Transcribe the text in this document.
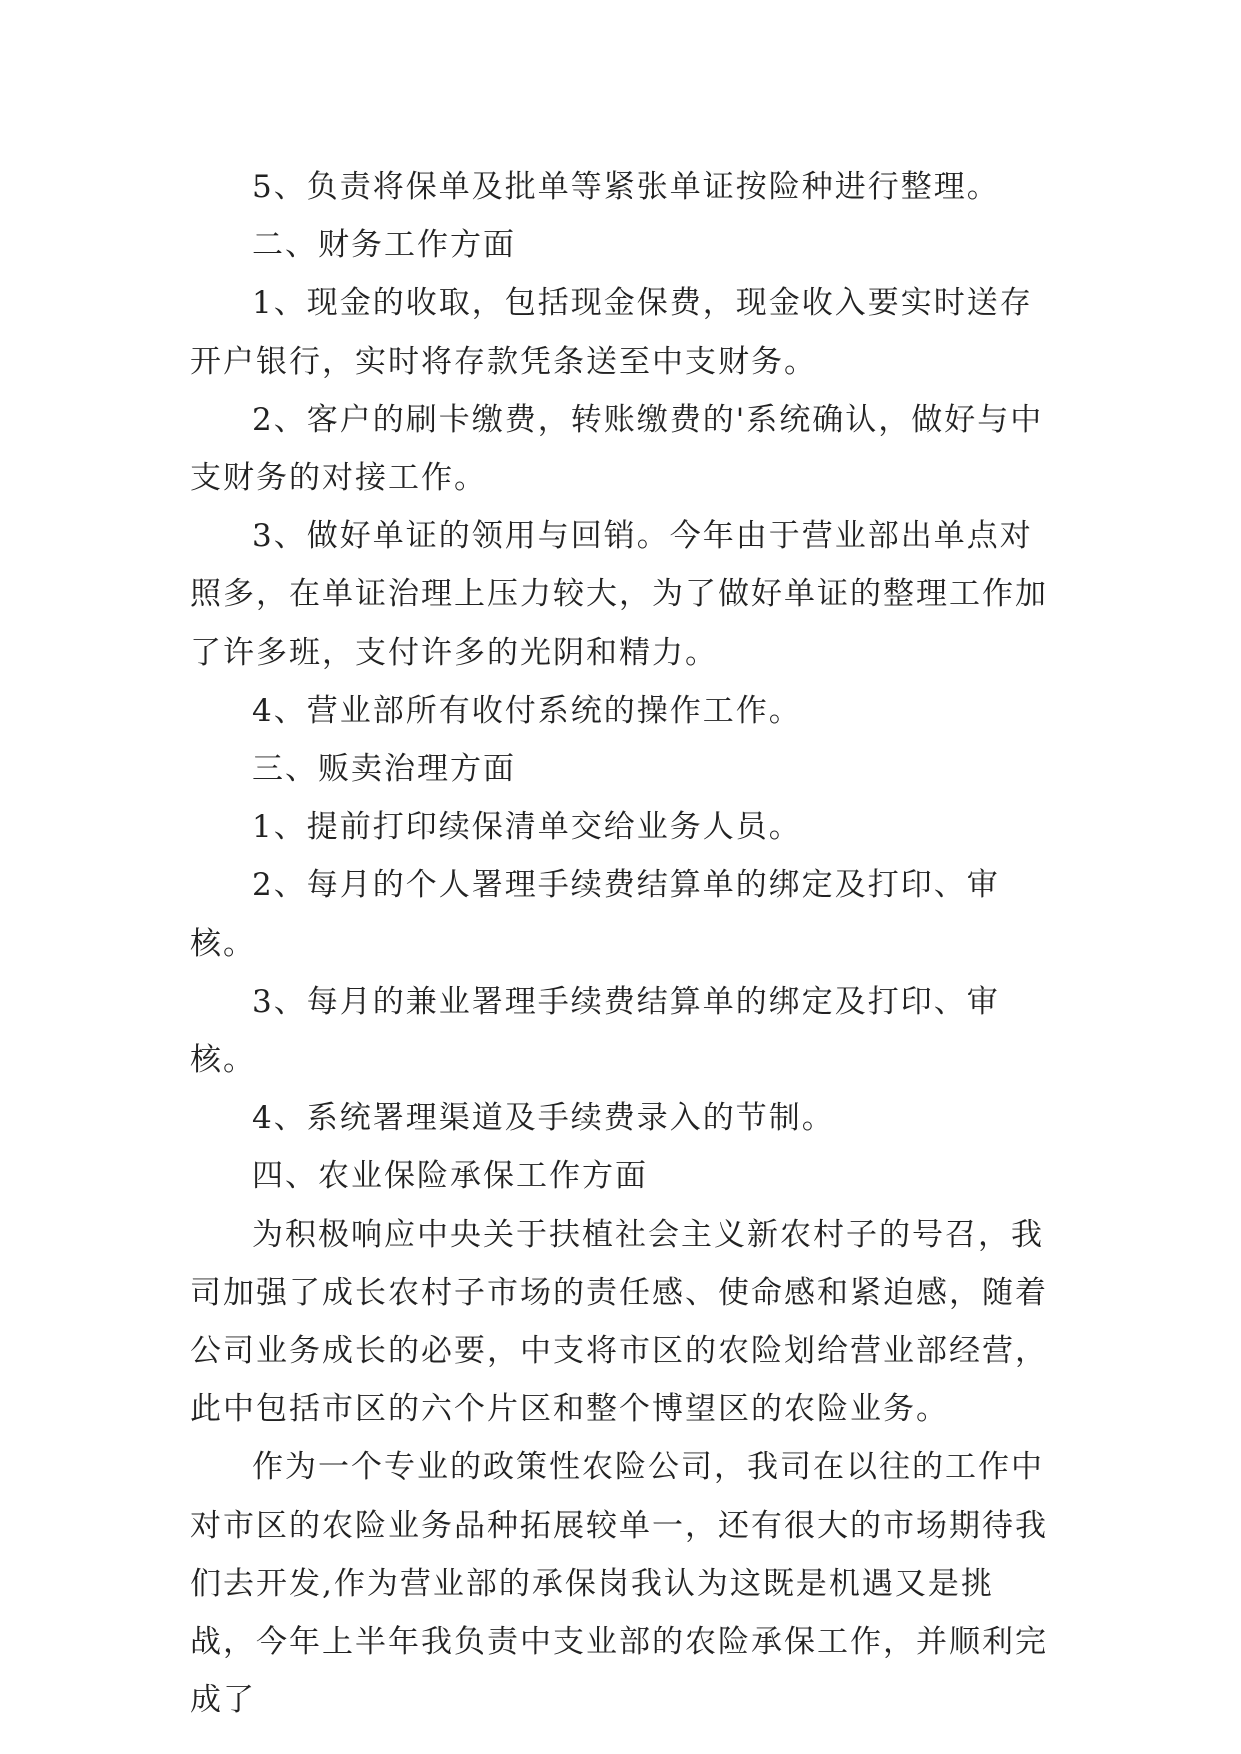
5、负责将保单及批单等紧张单证按险种进行整理。

二、财务工作方面

1、现金的收取，包括现金保费，现金收入要实时送存开户银行，实时将存款凭条送至中支财务。

2、客户的刷卡缴费，转账缴费的'系统确认，做好与中支财务的对接工作。

3、做好单证的领用与回销。今年由于营业部出单点对照多，在单证治理上压力较大，为了做好单证的整理工作加了许多班，支付许多的光阴和精力。

4、营业部所有收付系统的操作工作。

三、贩卖治理方面

1、提前打印续保清单交给业务人员。

2、每月的个人署理手续费结算单的绑定及打印、审核。

3、每月的兼业署理手续费结算单的绑定及打印、审核。

4、系统署理渠道及手续费录入的节制。

四、农业保险承保工作方面

为积极响应中央关于扶植社会主义新农村子的号召，我司加强了成长农村子市场的责任感、使命感和紧迫感，随着公司业务成长的必要，中支将市区的农险划给营业部经营，此中包括市区的六个片区和整个博望区的农险业务。

作为一个专业的政策性农险公司，我司在以往的工作中对市区的农险业务品种拓展较单一，还有很大的市场期待我们去开发,作为营业部的承保岗我认为这既是机遇又是挑战，今年上半年我负责中支业部的农险承保工作，并顺利完成了
